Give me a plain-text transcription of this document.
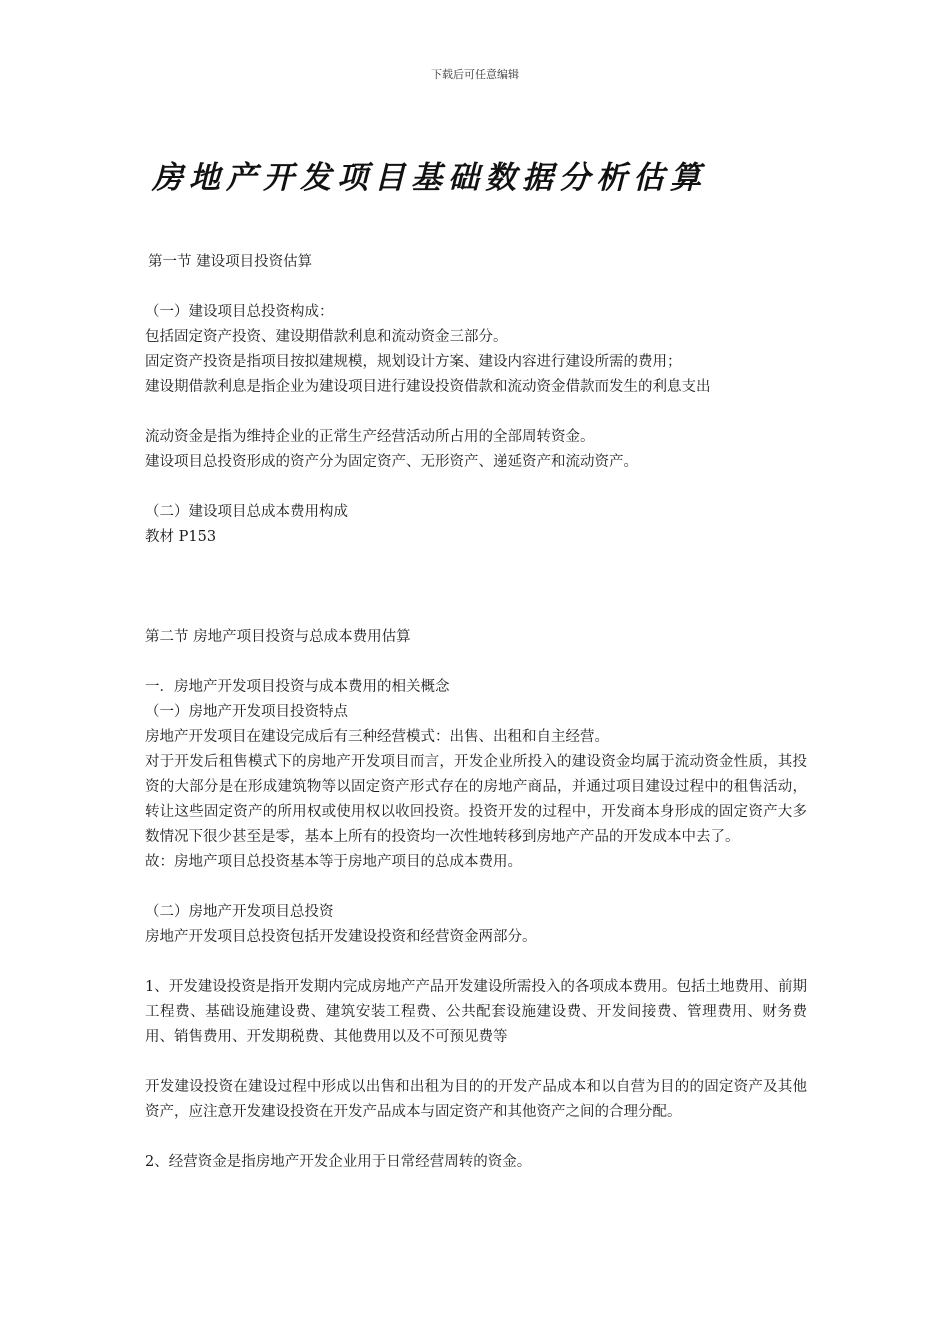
下载后可任意编辑
房地产开发项目基础数据分析估算

第一节 建设项目投资估算

（一）建设项目总投资构成：

包括固定资产投资、建设期借款利息和流动资金三部分。

固定资产投资是指项目按拟建规模，规划设计方案、建设内容进行建设所需的费用；

建设期借款利息是指企业为建设项目进行建设投资借款和流动资金借款而发生的利息支出

流动资金是指为维持企业的正常生产经营活动所占用的全部周转资金。

建设项目总投资形成的资产分为固定资产、无形资产、递延资产和流动资产。

（二）建设项目总成本费用构成

教材 P153

第二节 房地产项目投资与总成本费用估算

一．房地产开发项目投资与成本费用的相关概念

（一）房地产开发项目投资特点

房地产开发项目在建设完成后有三种经营模式：出售、出租和自主经营。

对于开发后租售模式下的房地产开发项目而言，开发企业所投入的建设资金均属于流动资金性质，其投资的大部分是在形成建筑物等以固定资产形式存在的房地产商品，并通过项目建设过程中的租售活动，转让这些固定资产的所用权或使用权以收回投资。投资开发的过程中，开发商本身形成的固定资产大多数情况下很少甚至是零，基本上所有的投资均一次性地转移到房地产产品的开发成本中去了。

故：房地产项目总投资基本等于房地产项目的总成本费用。

（二）房地产开发项目总投资

房地产开发项目总投资包括开发建设投资和经营资金两部分。

1、开发建设投资是指开发期内完成房地产产品开发建设所需投入的各项成本费用。包括土地费用、前期工程费、基础设施建设费、建筑安装工程费、公共配套设施建设费、开发间接费、管理费用、财务费用、销售费用、开发期税费、其他费用以及不可预见费等

开发建设投资在建设过程中形成以出售和出租为目的的开发产品成本和以自营为目的的固定资产及其他资产，应注意开发建设投资在开发产品成本与固定资产和其他资产之间的合理分配。

2、经营资金是指房地产开发企业用于日常经营周转的资金。
